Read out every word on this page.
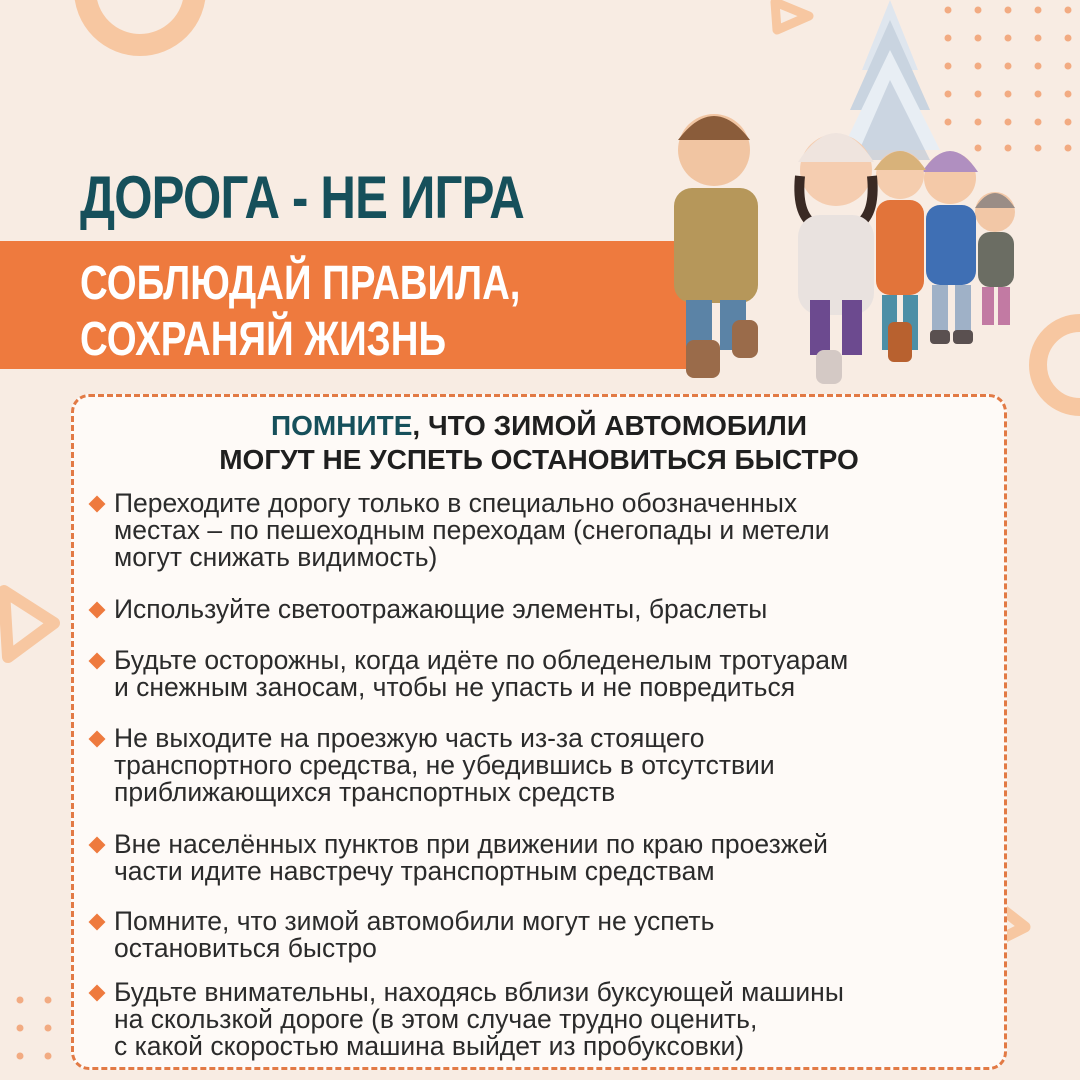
ДОРОГА - НЕ ИГРА
СОБЛЮДАЙ ПРАВИЛА,
СОХРАНЯЙ ЖИЗНЬ
ПОМНИТЕ, ЧТО ЗИМОЙ АВТОМОБИЛИ
МОГУТ НЕ УСПЕТЬ ОСТАНОВИТЬСЯ БЫСТРО
Переходите дорогу только в специально обозначенных
местах – по пешеходным переходам (снегопады и метели
могут снижать видимость)
Используйте светоотражающие элементы, браслеты
Будьте осторожны, когда идёте по обледенелым тротуарам
и снежным заносам, чтобы не упасть и не повредиться
Не выходите на проезжую часть из-за стоящего
транспортного средства, не убедившись в отсутствии
приближающихся транспортных средств
Вне населённых пунктов при движении по краю проезжей
части идите навстречу транспортным средствам
Помните, что зимой автомобили могут не успеть
остановиться быстро
Будьте внимательны, находясь вблизи буксующей машины
на скользкой дороге (в этом случае трудно оценить,
с какой скоростью машина выйдет из пробуксовки)
